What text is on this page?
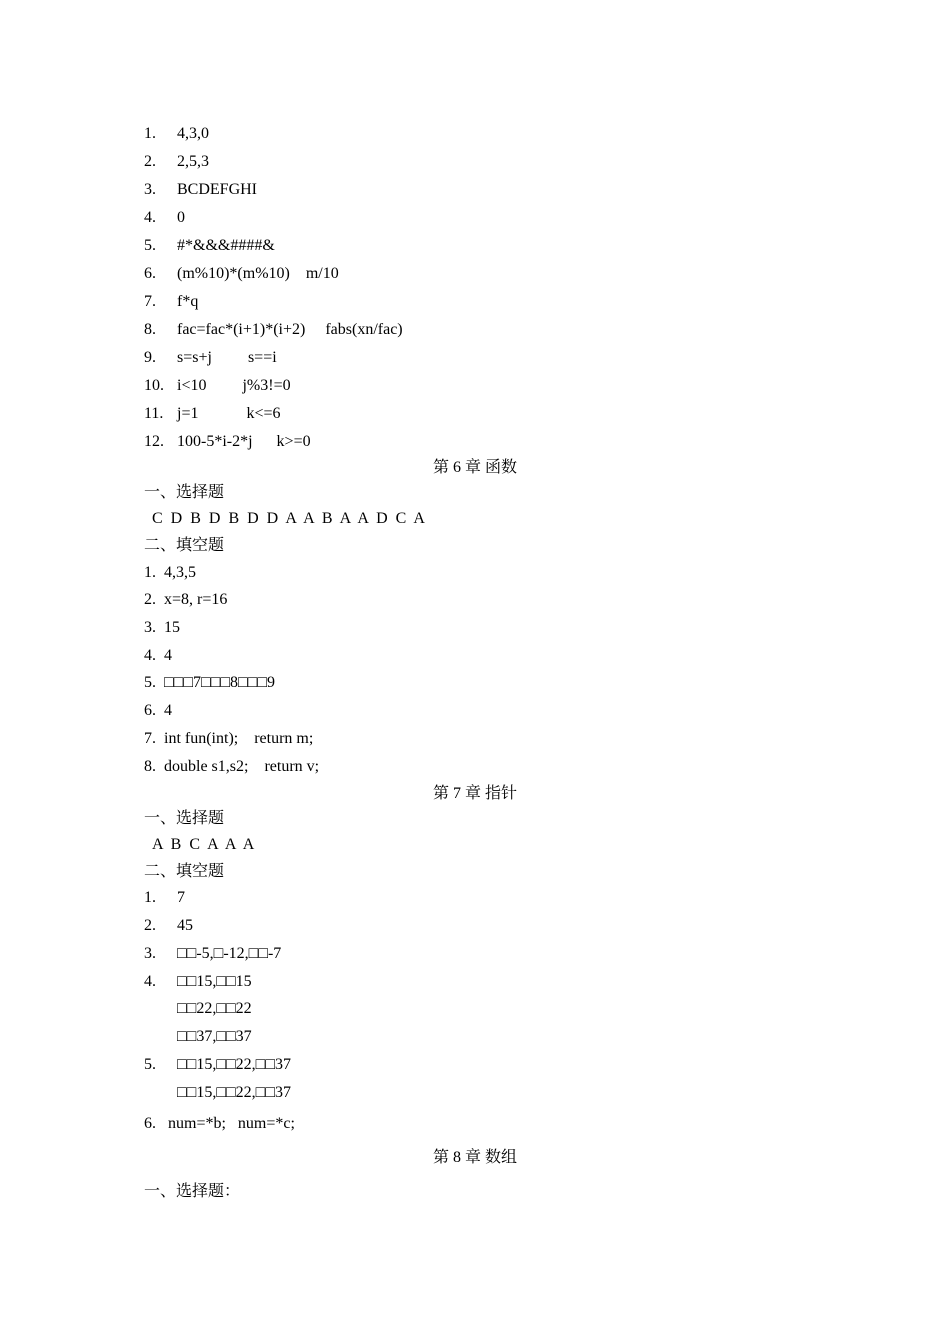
1. 4,3,0
2. 2,5,3
3. BCDEFGHI
4. 0
5. #*&&&####&
6. (m%10)*(m%10)    m/10
7. f*q
8. fac=fac*(i+1)*(i+2)     fabs(xn/fac)
9. s=s+j         s==i
10. i<10         j%3!=0
11. j=1            k<=6
12. 100-5*i-2*j      k>=0
第 6 章 函数
一、选择题
C  D  B  D  B  D  D  A  A  B  A  A  D  C  A
二、填空题
1.  4,3,5
2.  x=8, r=16
3.  15
4.  4
5.  □□□7□□□8□□□9
6.  4
7.  int fun(int);    return m;
8.  double s1,s2;    return v;
第 7 章 指针
一、选择题
A  B  C  A  A  A
二、填空题
1. 7
2. 45
3. □□-5,□-12,□□-7
4. □□15,□□15
□□22,□□22
□□37,□□37
5. □□15,□□22,□□37
□□15,□□22,□□37
6.   num=*b;   num=*c;
第 8 章 数组
一、选择题：
